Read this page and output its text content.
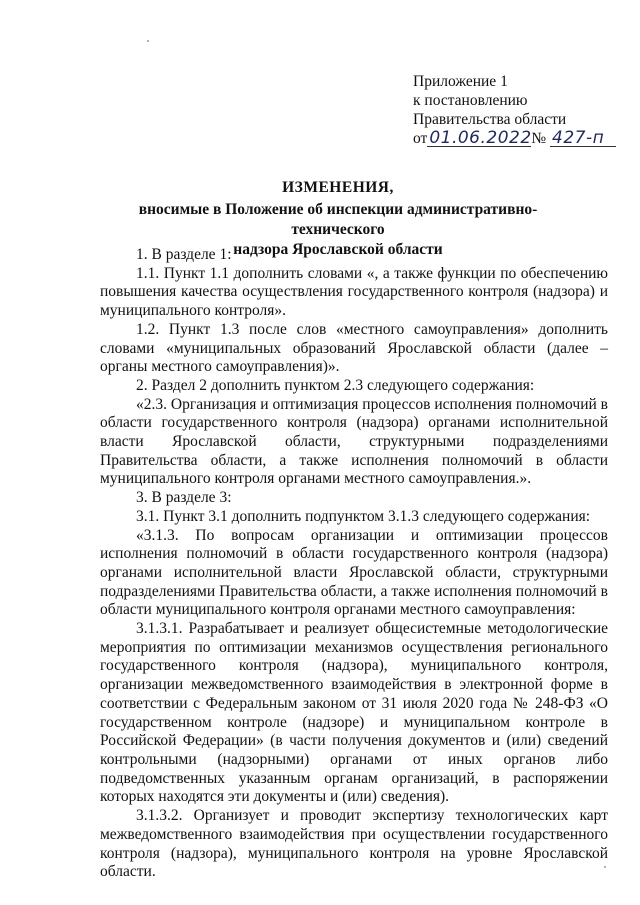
Приложение 1
к постановлению
Правительства области
от 01.06.2022№ 427-п
ИЗМЕНЕНИЯ,
вносимые в Положение об инспекции административно-технического
надзора Ярославской области

1. В разделе 1:

1.1. Пункт 1.1 дополнить словами «, а также функции по обеспечению повышения качества осуществления государственного контроля (надзора) и муниципального контроля».

1.2. Пункт 1.3 после слов «местного самоуправления» дополнить словами «муниципальных образований Ярославской области (далее – органы местного самоуправления)».

2. Раздел 2 дополнить пунктом 2.3 следующего содержания:

«2.3. Организация и оптимизация процессов исполнения полномочий в области государственного контроля (надзора) органами исполнительной власти Ярославской области, структурными подразделениями Правительства области, а также исполнения полномочий в области муниципального контроля органами местного самоуправления.».

3. В разделе 3:

3.1. Пункт 3.1 дополнить подпунктом 3.1.3 следующего содержания:

«3.1.3. По вопросам организации и оптимизации процессов исполнения полномочий в области государственного контроля (надзора) органами исполнительной власти Ярославской области, структурными подразделениями Правительства области, а также исполнения полномочий в области муниципального контроля органами местного самоуправления:

3.1.3.1. Разрабатывает и реализует общесистемные методологические мероприятия по оптимизации механизмов осуществления регионального государственного контроля (надзора), муниципального контроля, организации межведомственного взаимодействия в электронной форме в соответствии с Федеральным законом от 31 июля 2020 года № 248-ФЗ «О государственном контроле (надзоре) и муниципальном контроле в Российской Федерации» (в части получения документов и (или) сведений контрольными (надзорными) органами от иных органов либо подведомственных указанным органам организаций, в распоряжении которых находятся эти документы и (или) сведения).

3.1.3.2. Организует и проводит экспертизу технологических карт межведомственного взаимодействия при осуществлении государственного контроля (надзора), муниципального контроля на уровне Ярославской области.
